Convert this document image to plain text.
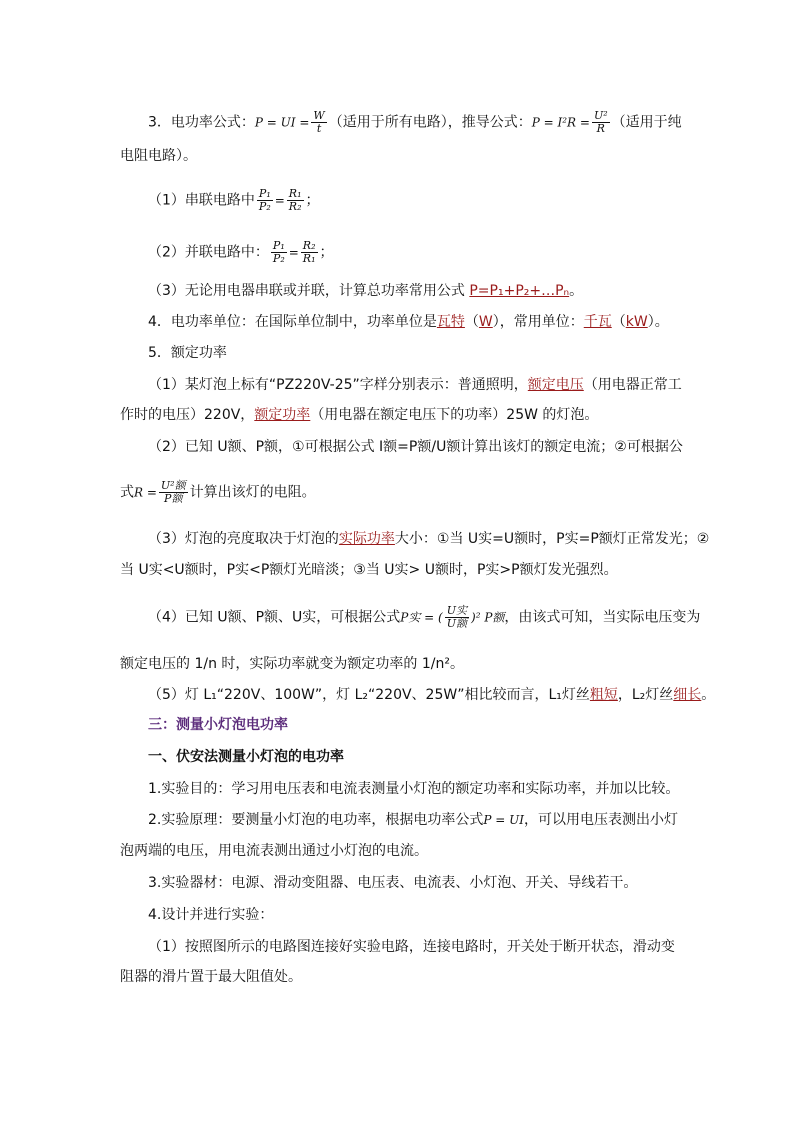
3．电功率公式：P = UI = $\frac{W}{t}$ （适用于所有电路），推导公式：$P = I^2R = \frac{\text{U²}}{R}$ （适用于纯
电阻电路）。
（1）串联电路中 $\frac{\text{P₁}}{\text{P₂}} = \frac{\text{R₁}}{\text{R₂}}$ ；
（2）并联电路中： $\frac{\text{P₁}}{\text{P₂}} = \frac{\text{R₂}}{\text{R₁}}$ ；
（3）无论用电器串联或并联，计算总功率常用公式 P=P₁+P₂+…Pₙ。
4．电功率单位：在国际单位制中，功率单位是瓦特（W），常用单位：千瓦（kW）。
5．额定功率
（1）某灯泡上标有“PZ220V-25”字样分别表示：普通照明，额定电压（用电器正常工
作时的电压）220V，额定功率（用电器在额定电压下的功率）25W 的灯泡。
（2）已知 U额、P额，①可根据公式 I额=P额/U额计算出该灯的额定电流；②可根据公
式$R = \frac{\text{U²额}}{\text{P额}}$ 计算出该灯的电阻。
（3）灯泡的亮度取决于灯泡的实际功率大小：①当 U实=U额时，P实=P额灯正常发光；②
当 U实<U额时，P实<P额灯光暗淡；③当 U实> U额时，P实>P额灯发光强烈。
（4）已知 U额、P额、U实，可根据公式P实 = ( $\frac{\text{U实}}{\text{U额}} )^2$ P额，由该式可知，当实际电压变为
额定电压的 1/n 时，实际功率就变为额定功率的 1/n²。
（5）灯 L₁“220V、100W”，灯 L₂“220V、25W”相比较而言，L₁灯丝粗短，L₂灯丝细长。
三：测量小灯泡电功率
一、伏安法测量小灯泡的电功率
1.实验目的：学习用电压表和电流表测量小灯泡的额定功率和实际功率，并加以比较。
2.实验原理：要测量小灯泡的电功率，根据电功率公式P = UI，可以用电压表测出小灯
泡两端的电压，用电流表测出通过小灯泡的电流。
3.实验器材：电源、滑动变阻器、电压表、电流表、小灯泡、开关、导线若干。
4.设计并进行实验：
（1）按照图所示的电路图连接好实验电路，连接电路时，开关处于断开状态，滑动变
阻器的滑片置于最大阻值处。
